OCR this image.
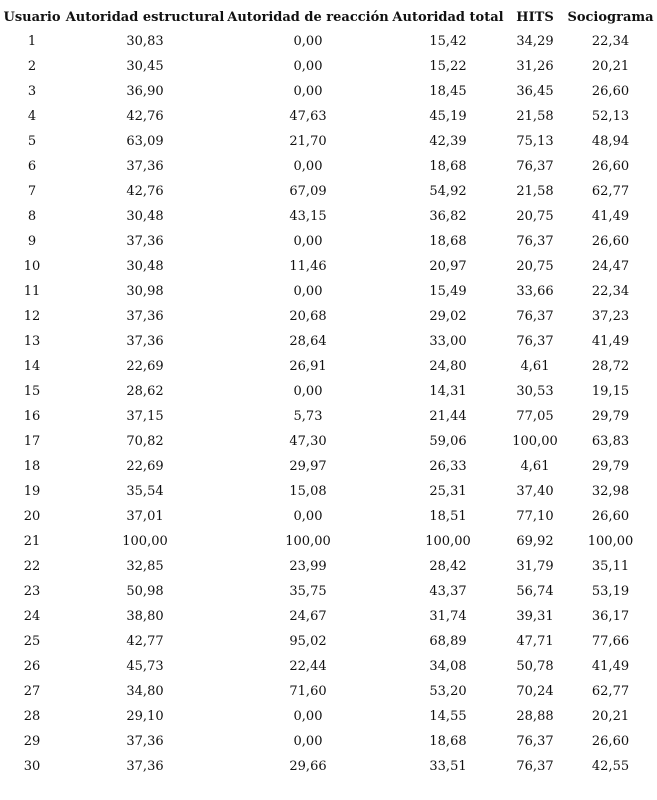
Usuario	Autoridad estructural	Autoridad de reacción	Autoridad total	HITS	Sociograma
1	30,83	0,00	15,42	34,29	22,34
2	30,45	0,00	15,22	31,26	20,21
3	36,90	0,00	18,45	36,45	26,60
4	42,76	47,63	45,19	21,58	52,13
5	63,09	21,70	42,39	75,13	48,94
6	37,36	0,00	18,68	76,37	26,60
7	42,76	67,09	54,92	21,58	62,77
8	30,48	43,15	36,82	20,75	41,49
9	37,36	0,00	18,68	76,37	26,60
10	30,48	11,46	20,97	20,75	24,47
11	30,98	0,00	15,49	33,66	22,34
12	37,36	20,68	29,02	76,37	37,23
13	37,36	28,64	33,00	76,37	41,49
14	22,69	26,91	24,80	4,61	28,72
15	28,62	0,00	14,31	30,53	19,15
16	37,15	5,73	21,44	77,05	29,79
17	70,82	47,30	59,06	100,00	63,83
18	22,69	29,97	26,33	4,61	29,79
19	35,54	15,08	25,31	37,40	32,98
20	37,01	0,00	18,51	77,10	26,60
21	100,00	100,00	100,00	69,92	100,00
22	32,85	23,99	28,42	31,79	35,11
23	50,98	35,75	43,37	56,74	53,19
24	38,80	24,67	31,74	39,31	36,17
25	42,77	95,02	68,89	47,71	77,66
26	45,73	22,44	34,08	50,78	41,49
27	34,80	71,60	53,20	70,24	62,77
28	29,10	0,00	14,55	28,88	20,21
29	37,36	0,00	18,68	76,37	26,60
30	37,36	29,66	33,51	76,37	42,55
